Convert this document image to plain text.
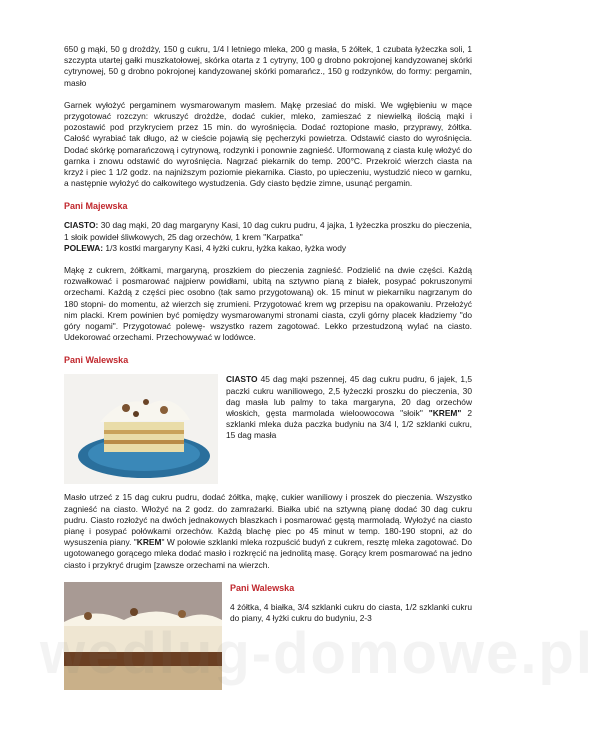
650 g mąki, 50 g drożdży, 150 g cukru, 1/4 l letniego mleka, 200 g masła, 5 żółtek, 1 czubata łyżeczka soli, 1 szczypta utartej gałki muszkatołowej, skórka otarta z 1 cytryny, 100 g drobno pokrojonej kandyzowanej skórki cytrynowej, 50 g drobno pokrojonej kandyzowanej skórki pomarańcz., 150 g rodzynków, do formy: pergamin, masło

Garnek wyłożyć pergaminem wysmarowanym masłem. Mąkę przesiać do miski. We wgłębieniu w mące przygotować rozczyn: wkruszyć drożdże, dodać cukier, mleko, zamieszać z niewielką ilością mąki i pozostawić pod przykryciem przez 15 min. do wyrośnięcia. Dodać roztopione masło, przyprawy, żółtka. Całość wyrabiać tak długo, aż w cieście pojawią się pęcherzyki powietrza. Odstawić ciasto do wyrośnięcia. Dodać skórkę pomarańczową i cytrynową, rodzynki i ponownie zagnieść. Uformowaną z ciasta kulę włożyć do garnka i znowu odstawić do wyrośnięcia. Nagrzać piekarnik do temp. 200°C. Przekroić wierzch ciasta na krzyż i piec 1 1/2 godz. na najniższym poziomie piekarnika. Ciasto, po upieczeniu, wystudzić nieco w garnku, a następnie wyłożyć do całkowitego wystudzenia. Gdy ciasto będzie zimne, usunąć pergamin.

Pani Majewska

CIASTO: 30 dag mąki, 20 dag margaryny Kasi, 10 dag cukru pudru, 4 jajka, 1 łyżeczka proszku do pieczenia, 1 słoik powideł śliwkowych, 25 dag orzechów, 1 krem "Karpatka"
POLEWA: 1/3 kostki margaryny Kasi, 4 łyżki cukru, łyżka kakao, łyżka wody

Mąkę z cukrem, żółtkami, margaryną, proszkiem do pieczenia zagnieść. Podzielić na dwie części. Każdą rozwałkować i posmarować najpierw powidłami, ubitą na sztywno pianą z białek, posypać pokruszonymi orzechami. Każdą z części piec osobno (tak samo przygotowaną) ok. 15 minut w piekarniku nagrzanym do 180 stopni- do momentu, aż wierzch się zrumieni. Przygotować krem wg przepisu na opakowaniu. Przełożyć nim placki. Krem powinien być pomiędzy wysmarowanymi stronami ciasta, czyli górny placek kładziemy "do góry nogami". Przygotować polewę- wszystko razem zagotować. Lekko przestudzoną wylać na ciasto. Udekorować orzechami. Przechowywać w lodówce.

Pani Walewska

CIASTO 45 dag mąki pszennej, 45 dag cukru pudru, 6 jajek, 1,5 paczki cukru waniliowego, 2,5 łyżeczki proszku do pieczenia, 30 dag masła lub palmy to taka margaryna, 20 dag orzechów włoskich, gęsta marmolada wieloowocowa "słoik" "KREM" 2 szklanki mleka duża paczka budyniu na 3/4 l, 1/2 szklanki cukru, 15 dag masła

Masło utrzeć z 15 dag cukru pudru, dodać żółtka, mąkę, cukier waniliowy i proszek do pieczenia. Wszystko zagnieść na ciasto. Włożyć na 2 godz. do zamrażarki. Białka ubić na sztywną pianę dodać 30 dag cukru pudru. Ciasto rozłożyć na dwóch jednakowych blaszkach i posmarować gęstą marmoladą. Wyłożyć na ciasto pianę i posypać połówkami orzechów. Każdą blachę piec po 45 minut w temp. 180-190 stopni, aż do wysuszenia piany. "KREM" W połowie szklanki mleka rozpuścić budyń z cukrem, resztę mleka zagotować. Do ugotowanego gorącego mleka dodać masło i rozkręcić na jednolitą masę. Gorący krem posmarować na jedno ciasto i przykryć drugim [zawsze orzechami na wierzch.

Pani Walewska

4 żółtka, 4 białka, 3/4 szklanki cukru do ciasta, 1/2 szklanki cukru do piany, 4 łyżki cukru do budyniu, 2-3

wedlug-domowe.pl
